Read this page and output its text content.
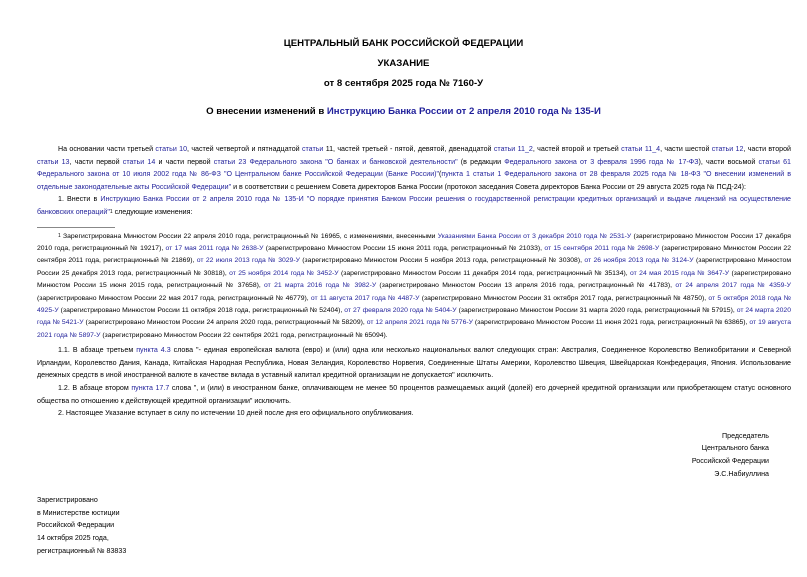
ЦЕНТРАЛЬНЫЙ БАНК РОССИЙСКОЙ ФЕДЕРАЦИИ
УКАЗАНИЕ
от 8 сентября 2025 года № 7160-У
О внесении изменений в Инструкцию Банка России от 2 апреля 2010 года № 135-И

На основании части третьей статьи 10, частей четвертой и пятнадцатой статьи 11, частей третьей - пятой, девятой, двенадцатой статьи 11_2, частей второй и третьей статьи 11_4, части шестой статьи 12, части второй статьи 13, части первой статьи 14 и части первой статьи 23 Федерального закона "О банках и банковской деятельности" (в редакции Федерального закона от 3 февраля 1996 года № 17-ФЗ), части восьмой статьи 61 Федерального закона от 10 июля 2002 года № 86-ФЗ "О Центральном банке Российской Федерации (Банке России)"(пункта 1 статьи 1 Федерального закона от 28 февраля 2025 года № 18-ФЗ "О внесении изменений в отдельные законодательные акты Российской Федерации" и в соответствии с решением Совета директоров Банка России (протокол заседания Совета директоров Банка России от 29 августа 2025 года № ПСД-24):

1. Внести в Инструкцию Банка России от 2 апреля 2010 года № 135-И "О порядке принятия Банком России решения о государственной регистрации кредитных организаций и выдаче лицензий на осуществление банковских операций"$^1$ следующие изменения:

$^1$ Зарегистрирована Минюстом России 22 апреля 2010 года, регистрационный № 16965, с изменениями, внесенными Указаниями Банка России от 3 декабря 2010 года № 2531-У (зарегистрировано Минюстом России 17 декабря 2010 года, регистрационный № 19217), от 17 мая 2011 года № 2638-У (зарегистрировано Минюстом России 15 июня 2011 года, регистрационный № 21033), от 15 сентября 2011 года № 2698-У (зарегистрировано Минюстом России 22 сентября 2011 года, регистрационный № 21869), от 22 июля 2013 года № 3029-У (зарегистрировано Минюстом России 5 ноября 2013 года, регистрационный № 30308), от 26 ноября 2013 года № 3124-У (зарегистрировано Минюстом России 25 декабря 2013 года, регистрационный № 30818), от 25 ноября 2014 года № 3452-У (зарегистрировано Минюстом России 11 декабря 2014 года, регистрационный № 35134), от 24 мая 2015 года № 3647-У (зарегистрировано Минюстом России 15 июня 2015 года, регистрационный № 37658), от 21 марта 2016 года № 3982-У (зарегистрировано Минюстом России 13 апреля 2016 года, регистрационный № 41783), от 24 апреля 2017 года № 4359-У (зарегистрировано Минюстом России 22 мая 2017 года, регистрационный № 46779), от 11 августа 2017 года № 4487-У (зарегистрировано Минюстом России 31 октября 2017 года, регистрационный № 48750), от 5 октября 2018 года № 4925-У (зарегистрировано Минюстом России 11 октября 2018 года, регистрационный № 52404), от 27 февраля 2020 года № 5404-У (зарегистрировано Минюстом России 31 марта 2020 года, регистрационный № 57915), от 24 марта 2020 года № 5421-У (зарегистрировано Минюстом России 24 апреля 2020 года, регистрационный № 58209), от 12 апреля 2021 года № 5776-У (зарегистрировано Минюстом России 11 июня 2021 года, регистрационный № 63865), от 19 августа 2021 года № 5897-У (зарегистрировано Минюстом России 22 сентября 2021 года, регистрационный № 65094).

1.1. В абзаце третьем пункта 4.3 слова "- единая европейская валюта (евро) и (или) одна или несколько национальных валют следующих стран: Австралия, Соединенное Королевство Великобритании и Северной Ирландии, Королевство Дания, Канада, Китайская Народная Республика, Новая Зеландия, Королевство Норвегия, Соединенные Штаты Америки, Королевство Швеция, Швейцарская Конфедерация, Япония. Использование денежных средств в иной иностранной валюте в качестве вклада в уставный капитал кредитной организации не допускается" исключить.

1.2. В абзаце втором пункта 17.7 слова ", и (или) в иностранном банке, оплачивающем не менее 50 процентов размещаемых акций (долей) его дочерней кредитной организации или приобретающем статус основного общества по отношению к действующей кредитной организации" исключить.

2. Настоящее Указание вступает в силу по истечении 10 дней после дня его официального опубликования.

Председатель
Центрального банка
Российской Федерации
Э.С.Набиуллина
Зарегистрировано
в Министерстве юстиции
Российской Федерации
14 октября 2025 года,
регистрационный № 83833
